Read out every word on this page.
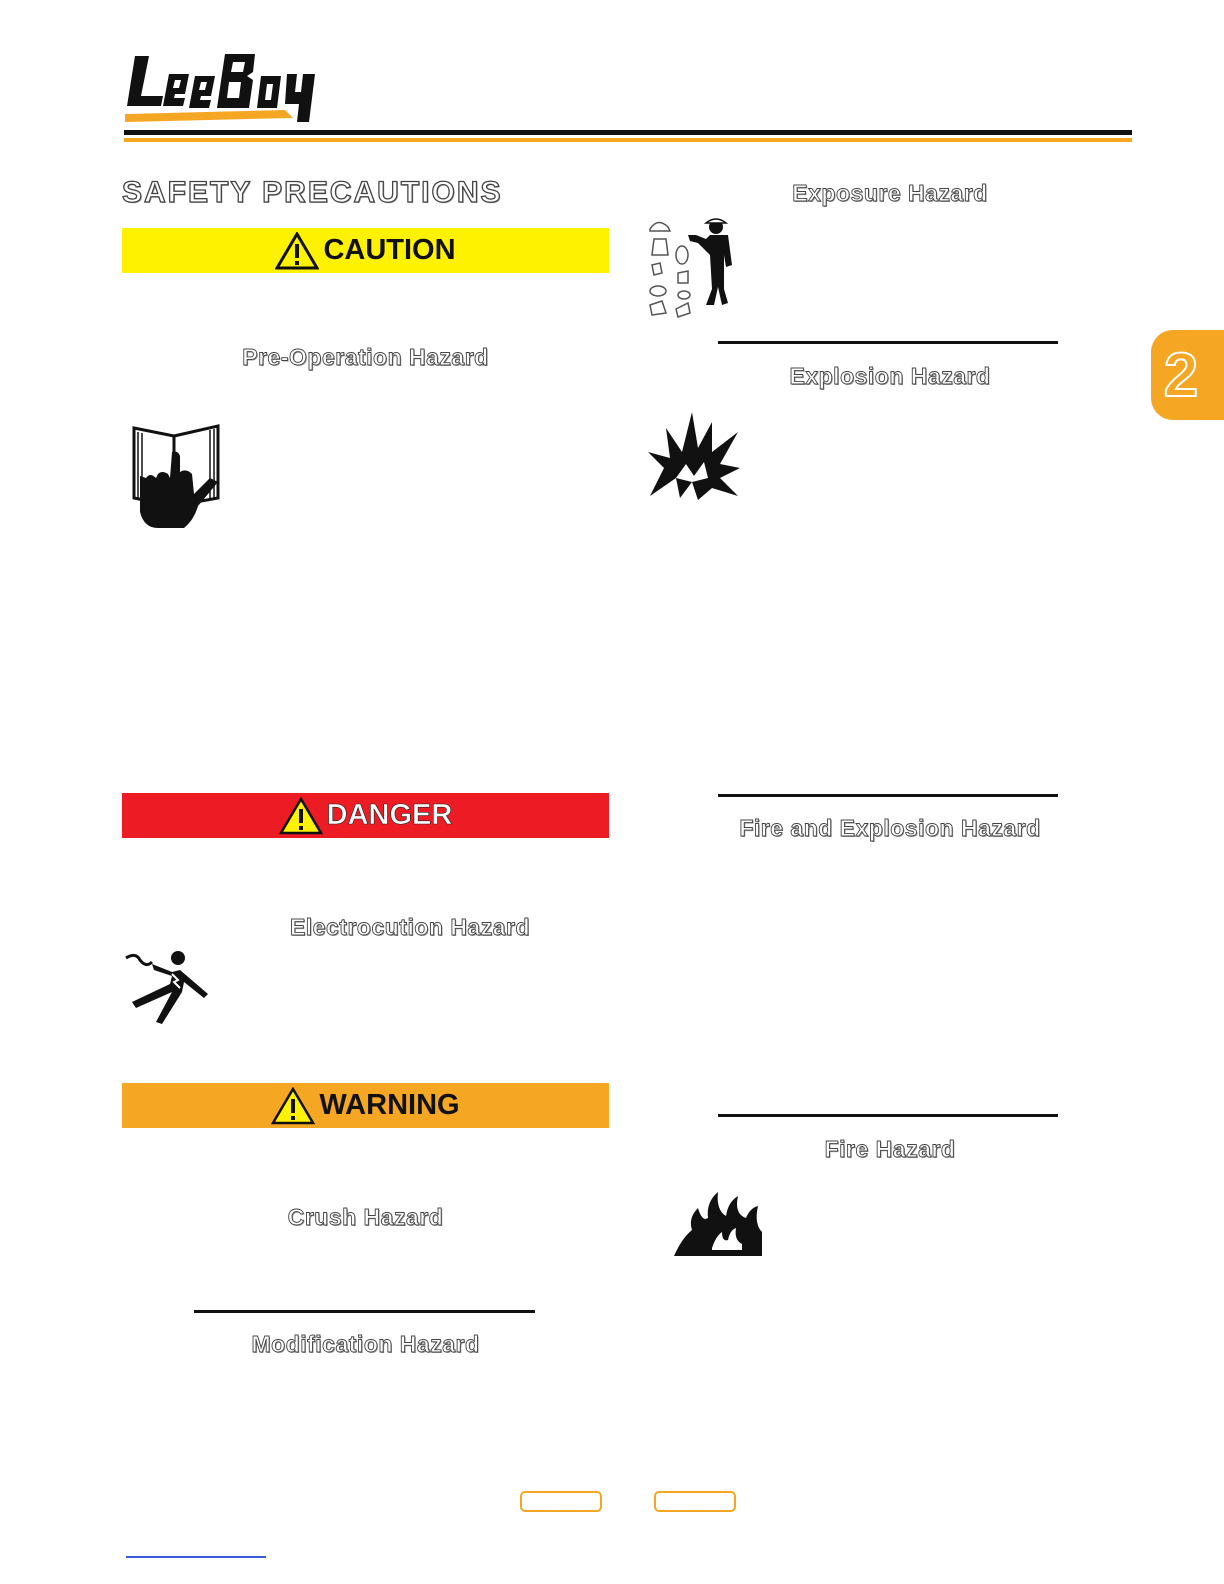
SAFETY PRECAUTIONS
CAUTION
Pre-Operation Hazard
DANGER
Electrocution Hazard
WARNING
Crush Hazard
Modification Hazard
Exposure Hazard
Explosion Hazard
Fire and Explosion Hazard
Fire Hazard
2
